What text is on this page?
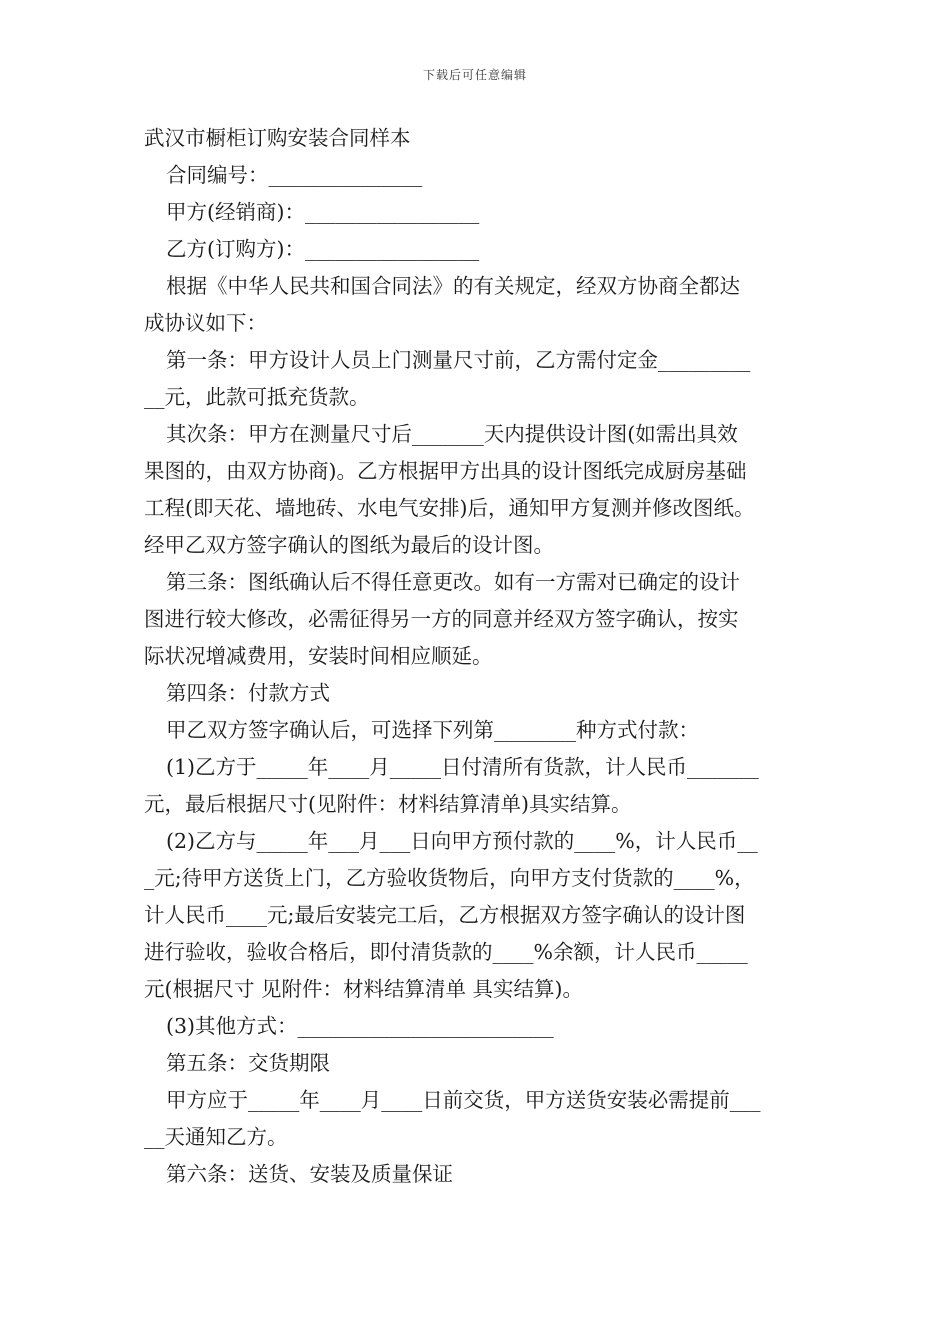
下载后可任意编辑
武汉市橱柜订购安装合同样本
合同编号：_______________
甲方(经销商)：_________________
乙方(订购方)：_________________
根据《中华人民共和国合同法》的有关规定，经双方协商全都达
成协议如下：
第一条：甲方设计人员上门测量尺寸前，乙方需付定金_________
__元，此款可抵充货款。
其次条：甲方在测量尺寸后_______天内提供设计图(如需出具效
果图的，由双方协商)。乙方根据甲方出具的设计图纸完成厨房基础
工程(即天花、墙地砖、水电气安排)后，通知甲方复测并修改图纸。
经甲乙双方签字确认的图纸为最后的设计图。
第三条：图纸确认后不得任意更改。如有一方需对已确定的设计
图进行较大修改，必需征得另一方的同意并经双方签字确认，按实
际状况增减费用，安装时间相应顺延。
第四条：付款方式
甲乙双方签字确认后，可选择下列第________种方式付款：
(1)乙方于_____年____月_____日付清所有货款，计人民币_______
元，最后根据尺寸(见附件：材料结算清单)具实结算。
(2)乙方与_____年___月___日向甲方预付款的____%，计人民币__
_元;待甲方送货上门，乙方验收货物后，向甲方支付货款的____%，
计人民币____元;最后安装完工后，乙方根据双方签字确认的设计图
进行验收，验收合格后，即付清货款的____%余额，计人民币_____
元(根据尺寸 见附件：材料结算清单 具实结算)。
(3)其他方式：_________________________
第五条：交货期限
甲方应于_____年____月____日前交货，甲方送货安装必需提前___
__天通知乙方。
第六条：送货、安装及质量保证
